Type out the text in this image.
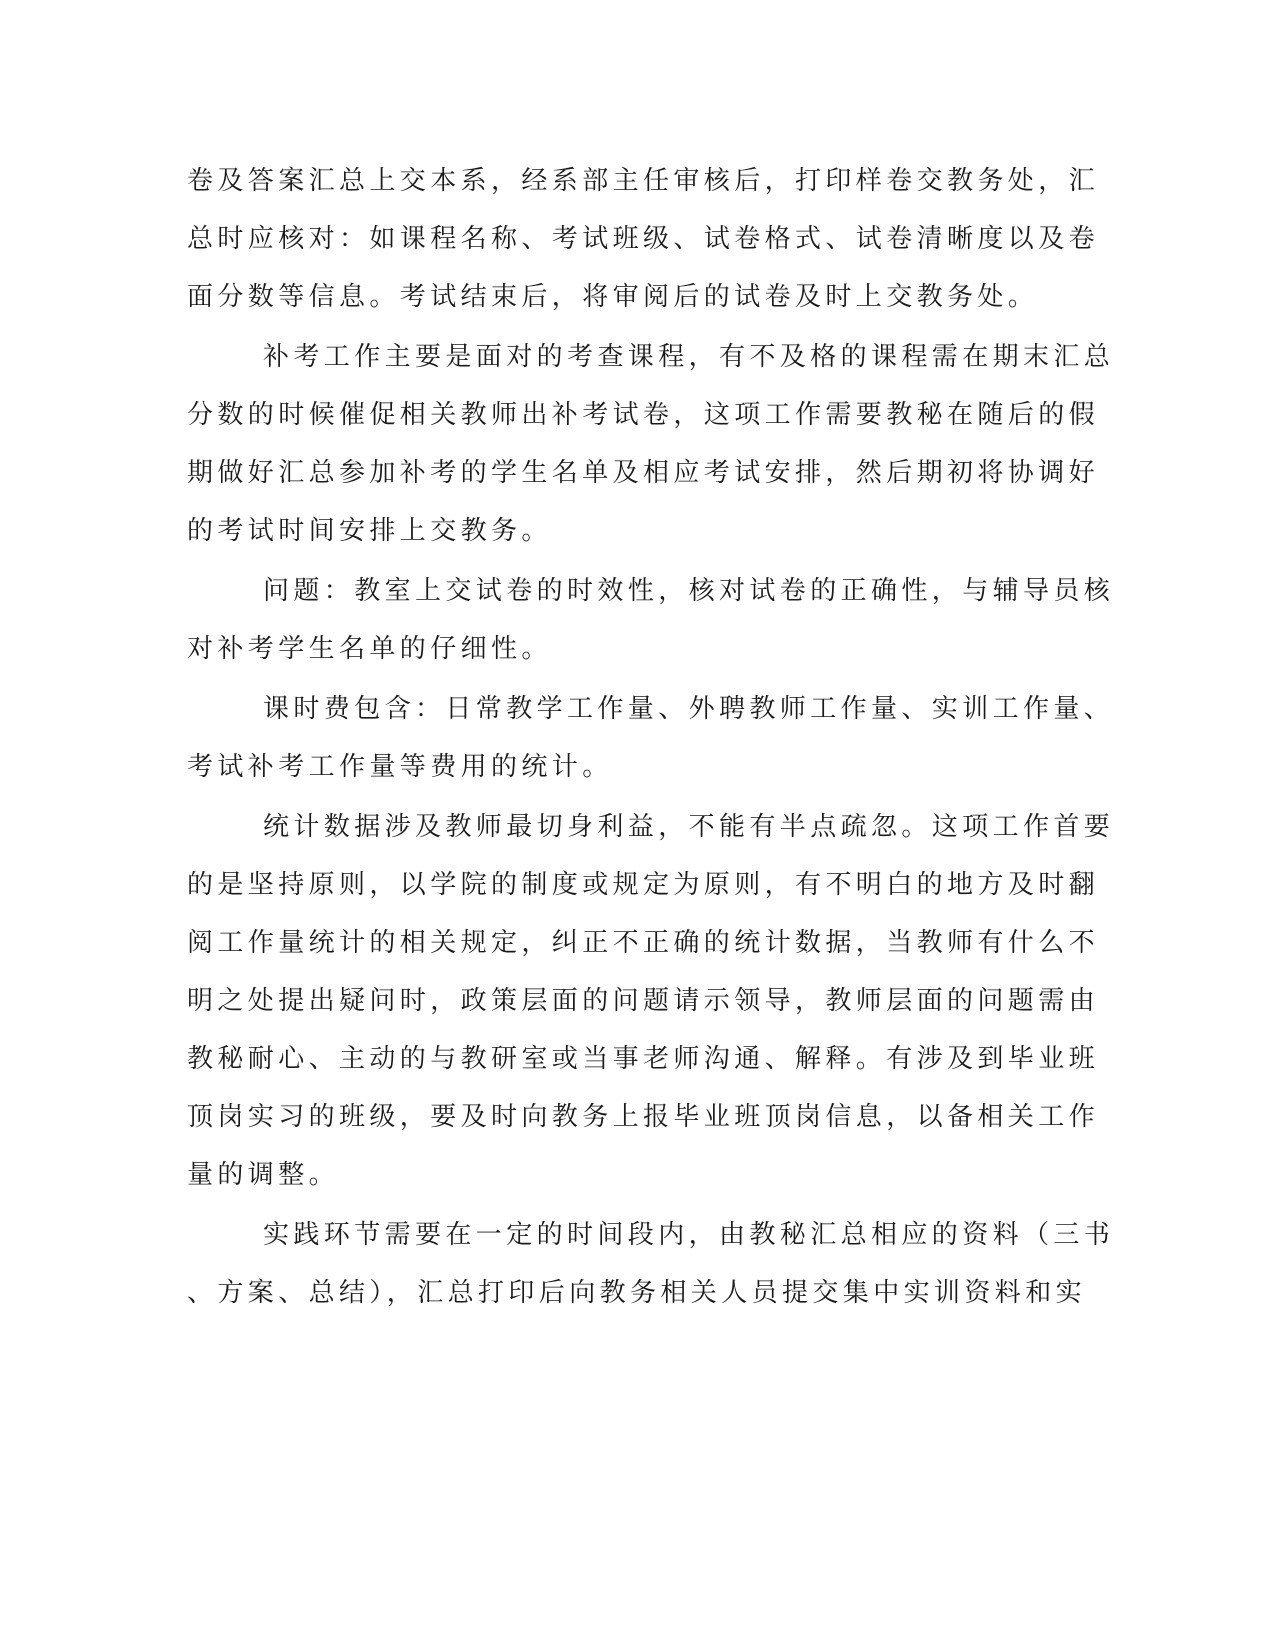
卷及答案汇总上交本系，经系部主任审核后，打印样卷交教务处，汇
总时应核对：如课程名称、考试班级、试卷格式、试卷清晰度以及卷
面分数等信息。考试结束后，将审阅后的试卷及时上交教务处。
补考工作主要是面对的考查课程，有不及格的课程需在期末汇总
分数的时候催促相关教师出补考试卷，这项工作需要教秘在随后的假
期做好汇总参加补考的学生名单及相应考试安排，然后期初将协调好
的考试时间安排上交教务。
问题：教室上交试卷的时效性，核对试卷的正确性，与辅导员核
对补考学生名单的仔细性。
课时费包含：日常教学工作量、外聘教师工作量、实训工作量、
考试补考工作量等费用的统计。
统计数据涉及教师最切身利益，不能有半点疏忽。这项工作首要
的是坚持原则，以学院的制度或规定为原则，有不明白的地方及时翻
阅工作量统计的相关规定，纠正不正确的统计数据，当教师有什么不
明之处提出疑问时，政策层面的问题请示领导，教师层面的问题需由
教秘耐心、主动的与教研室或当事老师沟通、解释。有涉及到毕业班
顶岗实习的班级，要及时向教务上报毕业班顶岗信息，以备相关工作
量的调整。
实践环节需要在一定的时间段内，由教秘汇总相应的资料（三书
、方案、总结），汇总打印后向教务相关人员提交集中实训资料和实
